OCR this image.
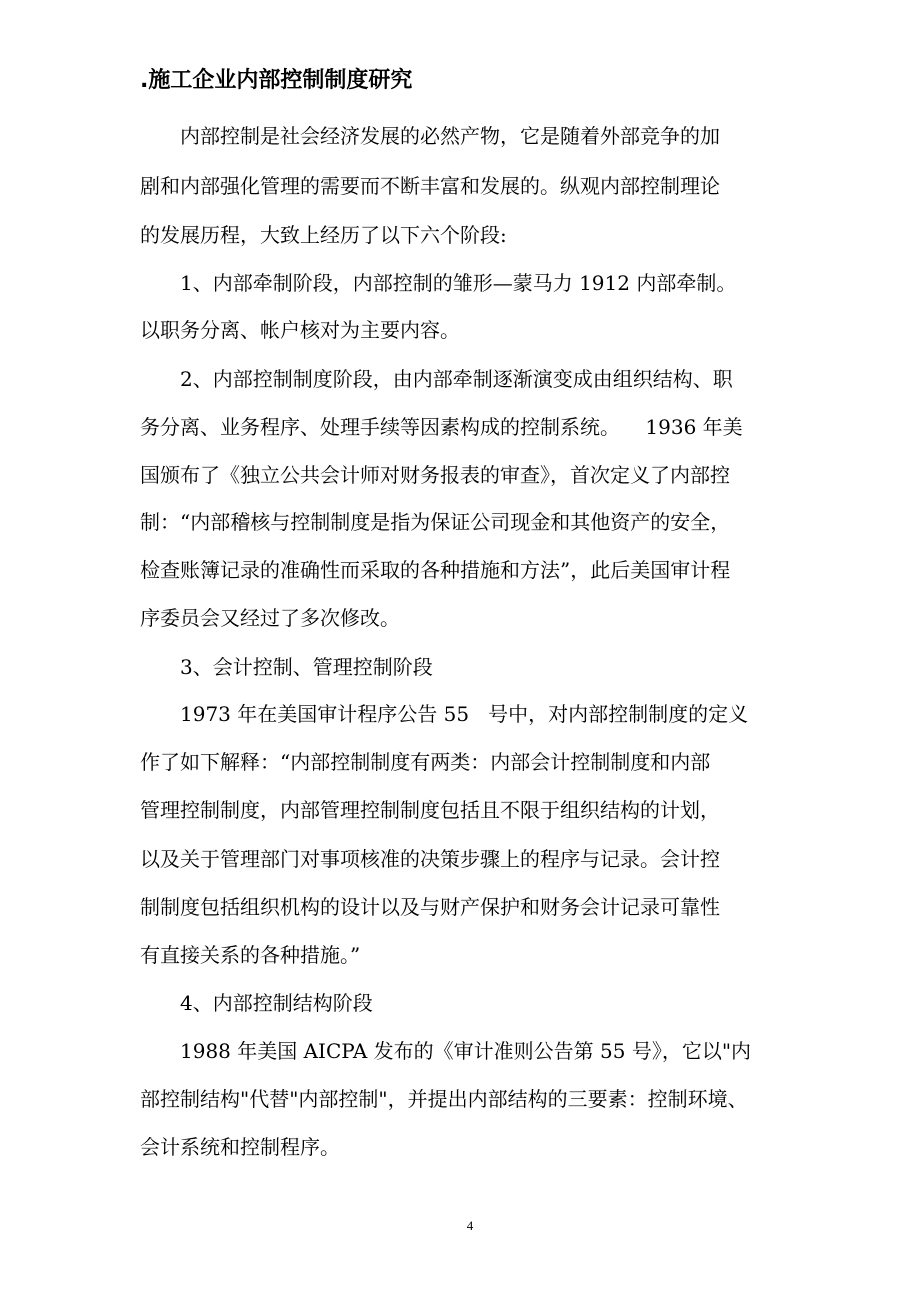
.施工企业内部控制制度研究
内部控制是社会经济发展的必然产物，它是随着外部竞争的加
剧和内部强化管理的需要而不断丰富和发展的。纵观内部控制理论
的发展历程，大致上经历了以下六个阶段:
1、内部牵制阶段，内部控制的雏形—蒙马力 1912 内部牵制。
以职务分离、帐户核对为主要内容。
2、内部控制制度阶段，由内部牵制逐渐演变成由组织结构、职
务分离、业务程序、处理手续等因素构成的控制系统。    1936 年美
国颁布了《独立公共会计师对财务报表的审查》，首次定义了内部控
制：“内部稽核与控制制度是指为保证公司现金和其他资产的安全，
检查账簿记录的准确性而采取的各种措施和方法”，此后美国审计程
序委员会又经过了多次修改。
3、会计控制、管理控制阶段
1973 年在美国审计程序公告 55   号中，对内部控制制度的定义
作了如下解释：“内部控制制度有两类：内部会计控制制度和内部
管理控制制度，内部管理控制制度包括且不限于组织结构的计划，
以及关于管理部门对事项核准的决策步骤上的程序与记录。会计控
制制度包括组织机构的设计以及与财产保护和财务会计记录可靠性
有直接关系的各种措施。”
4、内部控制结构阶段
1988 年美国 AICPA 发布的《审计准则公告第 55 号》，它以"内
部控制结构"代替"内部控制"，并提出内部结构的三要素：控制环境、
会计系统和控制程序。
4
